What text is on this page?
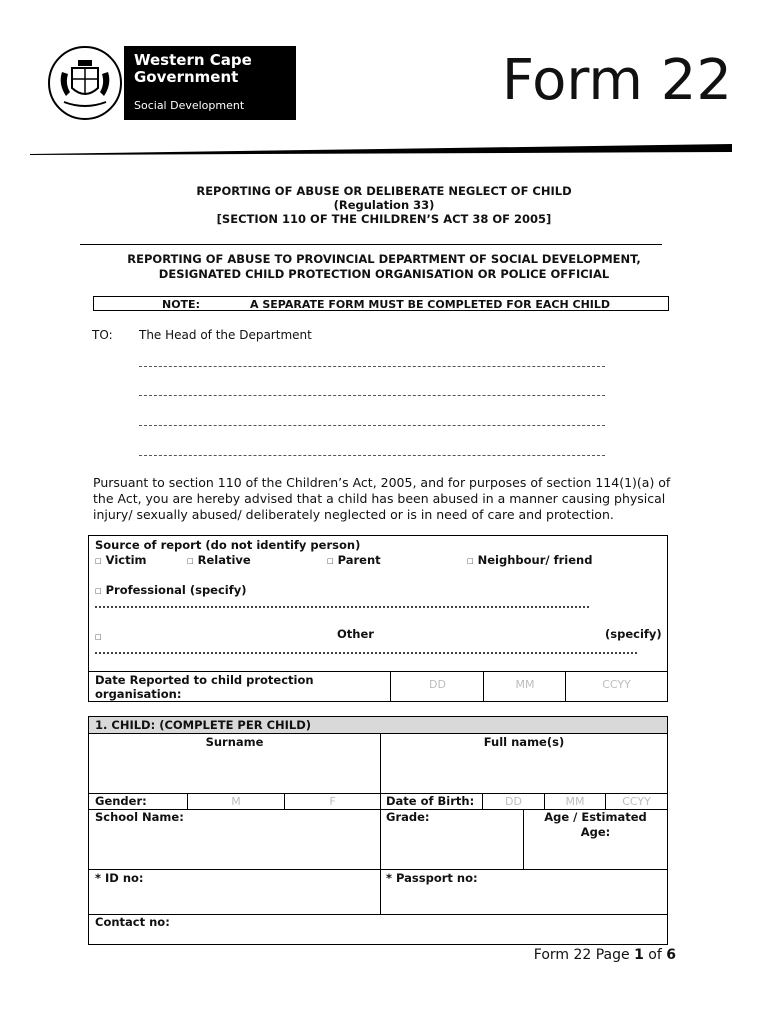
Western Cape
Government
Social Development	Form 22
REPORTING OF ABUSE OR DELIBERATE NEGLECT OF CHILD
(Regulation 33)
[SECTION 110 OF THE CHILDREN’S ACT 38 OF 2005]
REPORTING OF ABUSE TO PROVINCIAL DEPARTMENT OF SOCIAL DEVELOPMENT,
DESIGNATED CHILD PROTECTION ORGANISATION OR POLICE OFFICIAL
NOTE:	A SEPARATE FORM MUST BE COMPLETED FOR EACH CHILD
TO: The Head of the Department
Pursuant to section 110 of the Children’s Act, 2005, and for purposes of section 114(1)(a) of
the Act, you are hereby advised that a child has been abused in a manner causing physical
injury/ sexually abused/ deliberately neglected or is in need of care and protection.
Source of report (do not identify person)
□ Victim	□ Relative	□ Parent	□ Neighbour/ friend
□ Professional (specify)
□	Other	(specify)
Date Reported to child protection
organisation:
DD	MM	CCYY
1. CHILD: (COMPLETE PER CHILD)
Surname	Full name(s)
Gender:	M	F	Date of Birth:	DD	MM	CCYY
School Name:	Grade:	Age / Estimated
Age:
* ID no:	* Passport no:
Contact no:
Form 22 Page 1 of 6
